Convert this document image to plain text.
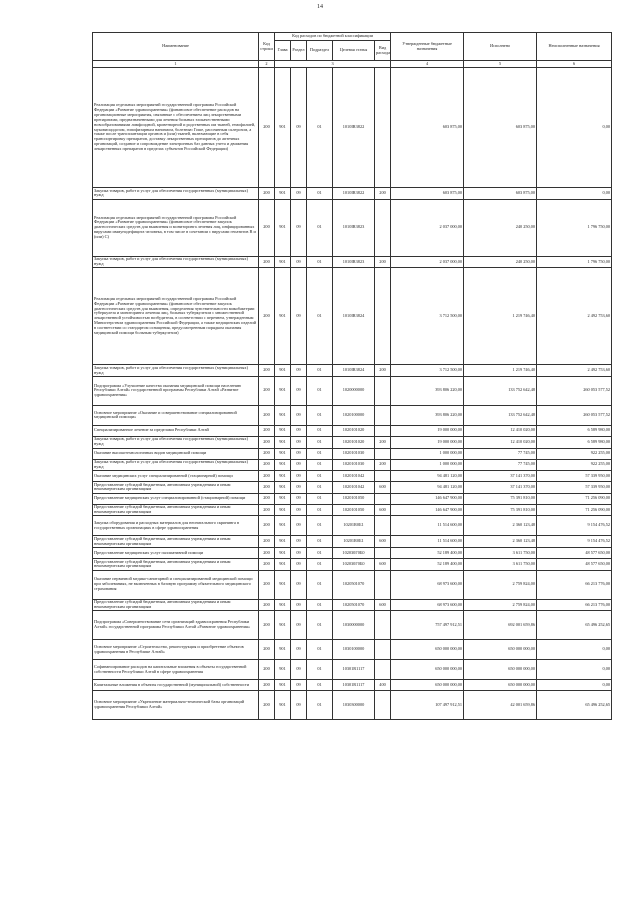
14
Наименование	Код строки	Код расходов по бюджетной классификации					Утвержденные бюджетные назначения	Исполнено	Неисполненные назначения
		Глава	Раздел	Подраздел	Целевая статья	Вид расхода			
1	2	3					4	5	6
Реализация отдельных мероприятий государственной программы Российской Федерации «Развитие здравоохранения» (финансовое обеспечение расходов на организационные мероприятия, связанные с обеспечением лиц лекарственными препаратами, предназначенными для лечения больных злокачественными новообразованиями лимфоидной, кроветворной и родственных им тканей, гемофилией, муковисцидозом, гипофизарным нанизмом, болезнью Гоше, рассеянным склерозом, а также после трансплантации органов и (или) тканей, включающие в себя транспортировку препаратов, доставку лекарственных препаратов до аптечных организаций, создание и сопровождение электронных баз данных учета и движения лекарственных препаратов в пределах субъектов Российской Федерации)	200	901	09	01	1010IR3822		603 875,00	603 875,00	0,00
Закупка товаров, работ и услуг для обеспечения государственных (муниципальных) нужд	200	901	09	01	1010IR3822	200	603 875,00	603 875,00	0,00
Реализация отдельных мероприятий государственной программы Российской Федерации «Развитие здравоохранения» (финансовое обеспечение закупок диагностических средств для выявления и мониторинга лечения лиц, инфицированных вирусами иммунодефицита человека, в том числе в сочетании с вирусами гепатитов В и (или) С)	200	901	09	01	1010IR3823		2 037 000,00	240 250,00	1 796 750,00
Закупка товаров, работ и услуг для обеспечения государственных (муниципальных) нужд	200	901	09	01	1010IR3823	200	2 037 000,00	240 250,00	1 796 750,00
Реализация отдельных мероприятий государственной программы Российской Федерации «Развитие здравоохранения» (финансовое обеспечение закупок диагностических средств для выявления, определения чувствительности микобактерии туберкулеза и мониторинга лечения лиц, больных туберкулезом с множественной лекарственной устойчивостью возбудителя, в соответствии с перечнем, утвержденным Министерством здравоохранения Российской Федерации, а также медицинских изделий в соответствии со стандартом оснащения, предусмотренным порядком оказания медицинской помощи больным туберкулезом)	200	901	09	01	1010IR3824		3 712 500,00	1 219 746,40	2 492 753,60
Закупка товаров, работ и услуг для обеспечения государственных (муниципальных) нужд	200	901	09	01	1010IR3824	200	3 712 500,00	1 219 746,40	2 492 753,60
Подпрограмма «Улучшение качества оказания медицинской помощи населению Республики Алтай» государственной программы Республики Алтай «Развитие здравоохранения»	200	901	09	01	1020000000		393 806 220,00	133 752 642,48	260 053 577,52
Основное мероприятие «Оказание и совершенствование специализированной медицинской помощи»	200	901	09	01	1020100000		393 806 220,00	133 752 642,48	260 053 577,52
Специализированное лечение за пределами Республики Алтай	200	901	09	01	1020101020		19 000 000,00	12 410 020,00	6 589 980,00
Закупка товаров, работ и услуг для обеспечения государственных (муниципальных) нужд	200	901	09	01	1020101020	200	19 000 000,00	12 410 020,00	6 589 980,00
Оказание высокотехнологичных видов медицинской помощи	200	901	09	01	1020101030		1 000 000,00	77 745,00	922 255,00
Закупка товаров, работ и услуг для обеспечения государственных (муниципальных) нужд	200	901	09	01	1020101030	200	1 000 000,00	77 745,00	922 255,00
Оказание медицинских услуг специализированной (стационарной) помощи	200	901	09	01	1020101042		94 481 120,00	37 141 370,00	57 339 950,00
Предоставление субсидий бюджетным, автономным учреждениям и иным некоммерческим организациям	200	901	09	01	1020101042	600	94 481 120,00	37 141 370,00	57 339 950,00
Предоставление медицинских услуг специализированной (стационарной) помощи	200	901	09	01	1020101050		146 647 900,00	75 391 810,00	71 256 090,00
Предоставление субсидий бюджетным, автономным учреждениям и иным некоммерческим организациям	200	901	09	01	1020101050	600	146 647 900,00	75 391 810,00	71 256 090,00
Закупка оборудования и расходных материалов для неонатального скрининга в государственных организациях в сфере здравоохранения	200	901	09	01	10201R0Б1		11 514 600,00	2 360 123,48	9 154 476,52
Предоставление субсидий бюджетным, автономным учреждениям и иным некоммерческим организациям	200	901	09	01	10201R0Б1	600	11 514 600,00	2 360 123,48	9 154 476,52
Предоставление медицинских услуг паллиативной помощи	200	901	09	01	102030Г0Б0		52 189 400,00	3 611 750,00	48 577 650,00
Предоставление субсидий бюджетным, автономным учреждениям и иным некоммерческим организациям	200	901	09	01	102030Г0Б0	600	52 189 400,00	3 611 750,00	48 577 650,00
Оказание первичной медико-санитарной и специализированной медицинской помощи при заболеваниях, не включенных в базовую программу обязательного медицинского страхования	200	901	09	01	1020501070		68 973 600,00	2 759 824,00	66 213 776,00
Предоставление субсидий бюджетным, автономным учреждениям и иным некоммерческим организациям	200	901	09	01	1020501070	600	68 973 600,00	2 759 824,00	66 213 776,00
Подпрограмма «Совершенствование сети организаций здравоохранения Республики Алтай» государственной программы Республики Алтай «Развитие здравоохранения»	200	901	09	01	1030000000		757 497 912,51	692 001 659,86	65 496 252,65
Основное мероприятие «Строительство, реконструкция и приобретение объектов здравоохранения в Республике Алтай»	200	901	09	01	1030100000		650 000 000,00	650 000 000,00	0,00
Софинансирование расходов на капитальные вложения в объекты государственной собственности Республики Алтай в сфере здравоохранения	200	901	09	01	10301R1117		650 000 000,00	650 000 000,00	0,00
Капитальные вложения в объекты государственной (муниципальной) собственности	200	901	09	01	10301R1117	400	650 000 000,00	650 000 000,00	0,00
Основное мероприятие «Укрепление материально-технической базы организаций здравоохранения Республики Алтай»	200	901	09	01	1030300000		107 497 912,51	42 001 659,86	65 496 252,65
